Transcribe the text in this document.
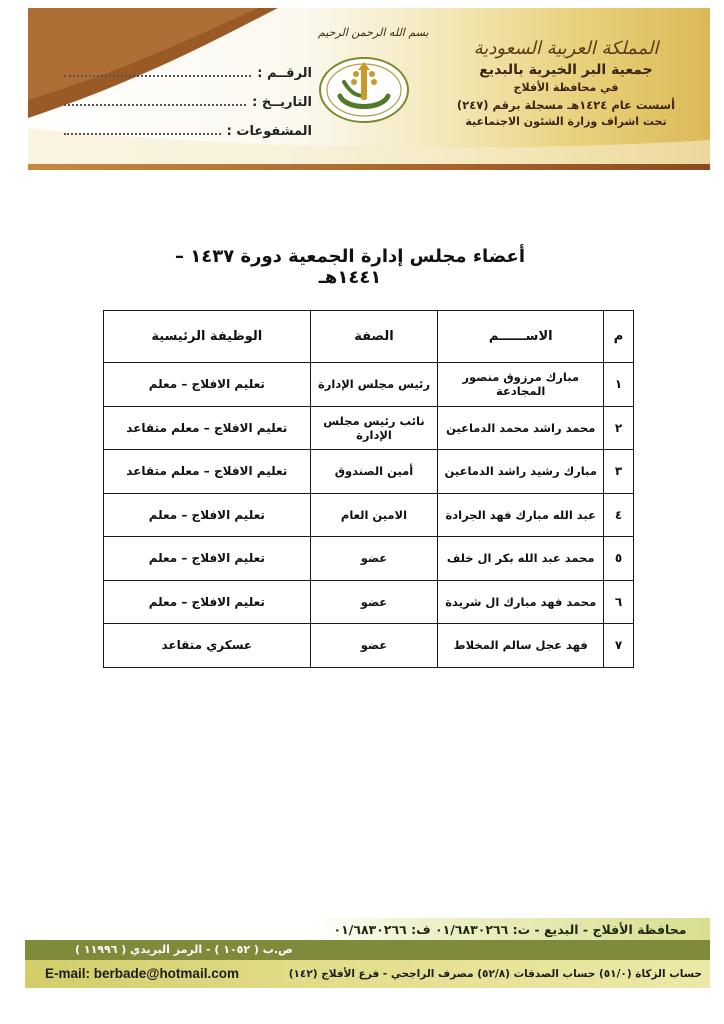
الرقــم :
التاريــخ :
المشفوعات :
بسم الله الرحمن الرحيم
المملكة العربية السعودية
جمعية البر الخيرية بالبديع
في محافظة الأفلاج
أسست عام ١٤٢٤هـ مسجلة برقم (٢٤٧)
تحت اشراف وزارة الشئون الاجتماعية
أعضاء مجلس إدارة الجمعية دورة ١٤٣٧ – ١٤٤١هـ
م	الاســــــم	الصفة	الوظيفة الرئيسية
١	مبارك مرزوق منصور المجادعة	رئيس مجلس الإدارة	تعليم الافلاج – معلم
٢	محمد راشد محمد الدماعين	نائب رئيس مجلس الإدارة	تعليم الافلاج – معلم متقاعد
٣	مبارك رشيد راشد الدماعين	أمين الصندوق	تعليم الافلاج – معلم متقاعد
٤	عبد الله مبارك فهد الجرادة	الامين العام	تعليم الافلاج – معلم
٥	محمد عبد الله بكر ال خلف	عضو	تعليم الافلاج – معلم
٦	محمد فهد مبارك ال شريدة	عضو	تعليم الافلاج – معلم
٧	فهد عجل سالم المخلاط	عضو	عسكري متقاعد
محافظة الأفلاج - البديع - ت: ٠١/٦٨٣٠٢٦٦ ف: ٠١/٦٨٣٠٢٦٦
ص.ب ( ١٠٥٢ ) - الرمز البريدي ( ١١٩٩٦ )
E-mail: berbade@hotmail.com	حساب الزكاة (٥١/٠) حساب الصدقات (٥٢/٨) مصرف الراجحي - فرع الأفلاج (١٤٢)
